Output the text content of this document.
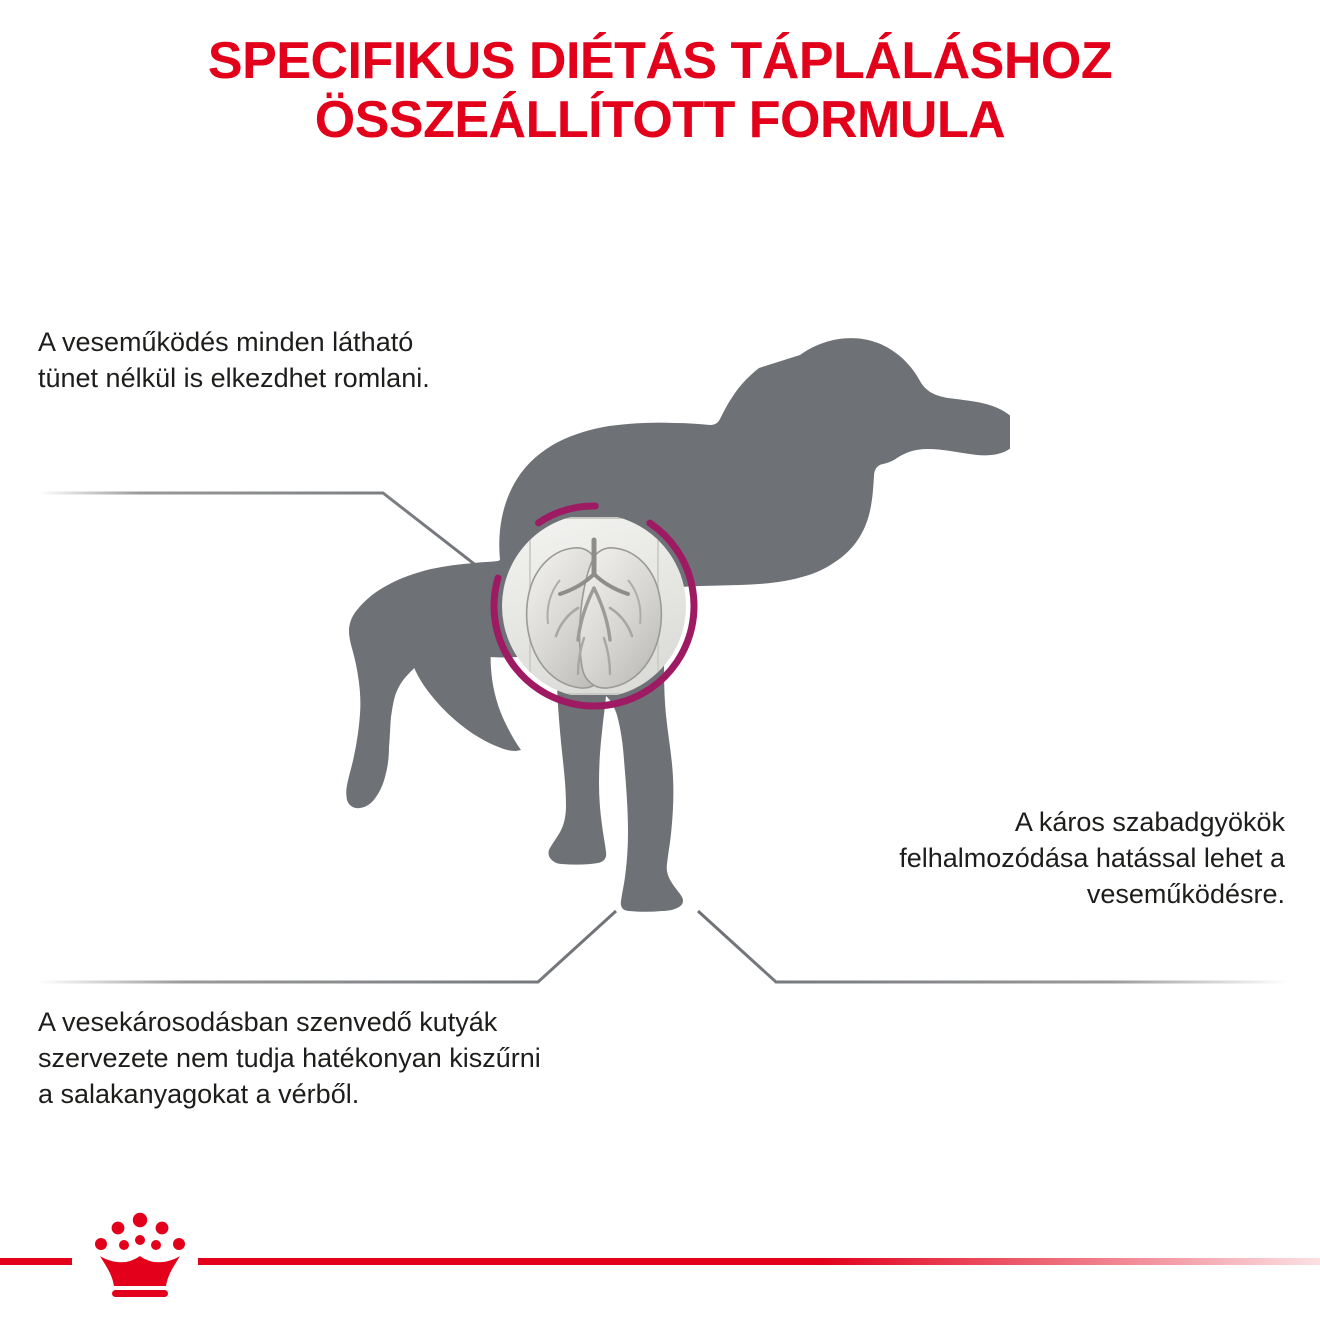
SPECIFIKUS DIÉTÁS TÁPLÁLÁSHOZ ÖSSZEÁLLÍTOTT FORMULA
A veseműködés minden látható tünet nélkül is elkezdhet romlani.
A káros szabadgyökök felhalmozódása hatással lehet a veseműködésre.
A vesekárosodásban szenvedő kutyák szervezete nem tudja hatékonyan kiszűrni a salakanyagokat a vérből.
